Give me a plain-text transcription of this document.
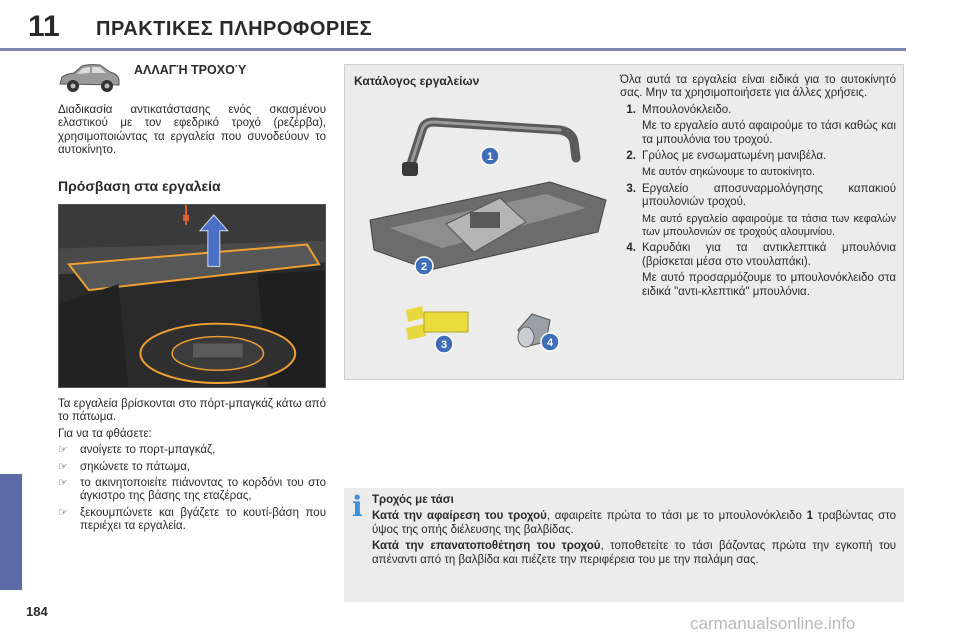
11 ΠΡΑΚΤΙΚΕΣ ΠΛΗΡΟΦΟΡΙΕΣ
184
ΑΛΛΑΓΉ ΤΡΟΧΟΎ
Διαδικασία αντικατάστασης ενός σκασμένου ελαστικού με τον εφεδρικό τροχό (ρεζέρβα), χρησιμοποιώντας τα εργαλεία που συνοδεύουν το αυτοκίνητο.
Πρόσβαση στα εργαλεία

Τα εργαλεία βρίσκονται στο πόρτ-μπαγκάζ κάτω από το πάτωμα.

Για να τα φθάσετε:

☞ ανοίγετε το πορτ-μπαγκάζ,
☞ σηκώνετε το πάτωμα,
☞ το ακινητοποιείτε πιάνοντας το κορδόνι του στο άγκιστρο της βάσης της εταζέρας,
☞ ξεκουμπώνετε και βγάζετε το κουτί-βάση που περιέχει τα εργαλεία.
Κατάλογος εργαλείων
1
2
3	4

Όλα αυτά τα εργαλεία είναι ειδικά για το αυτοκίνητό σας. Μην τα χρησιμοποιήσετε για άλλες χρήσεις.

1. Μπουλονόκλειδο.

Με το εργαλείο αυτό αφαιρούμε το τάσι καθώς και τα μπουλόνια του τροχού.

2. Γρύλος με ενσωματωμένη μανιβέλα.

Με αυτόν σηκώνουμε το αυτοκίνητο.

3. Εργαλείο αποσυναρμολόγησης καπακιού μπουλονιών τροχού.

Με αυτό εργαλείο αφαιρούμε τα τάσια των κεφαλών των μπουλονιών σε τροχούς αλουμινίου.

4. Καρυδάκι για τα αντικλεπτικά μπουλόνια (βρίσκεται μέσα στο ντουλαπάκι).

Με αυτό προσαρμόζουμε το μπουλονόκλειδο στα ειδικά "αντι-κλεπτικά" μπουλόνια.

i Τροχός με τάσι

Κατά την αφαίρεση του τροχού, αφαιρείτε πρώτα το τάσι με το μπουλονόκλειδο 1 τραβώντας στο ύψος της οπής διέλευσης της βαλβίδας.

Κατά την επανατοποθέτηση του τροχού, τοποθετείτε το τάσι βάζοντας πρώτα την εγκοπή του απέναντι από τη βαλβίδα και πιέζετε την περιφέρεια του με την παλάμη σας.

carmanualsonline.info
